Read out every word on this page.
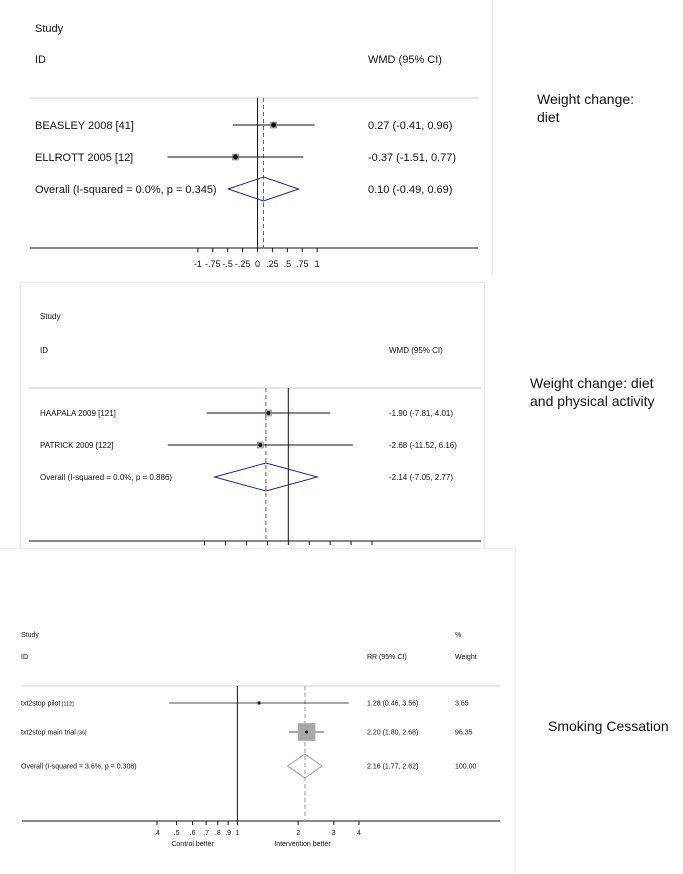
Study
ID	WMD (95% CI)
BEASLEY 2008 [41]	0.27 (-0.41, 0.96)
ELLROTT 2005 [12]	-0.37 (-1.51, 0.77)
Overall (I-squared = 0.0%, p = 0.345)	0.10 (-0.49, 0.69)
-1 -.75 -.5 -.25 0 .25 .5 .75 1
Weight change:
diet
Study
ID	WMD (95% CI)
HAAPALA 2009 [121]	-1.90 (-7.81, 4.01)
PATRICK 2009 [122]	-2.68 (-11.52, 6.16)
Overall (I-squared = 0.0%, p = 0.886)	-2.14 (-7.05, 2.77)
Weight change: diet
and physical activity
Study
ID	RR (95% CI)
%
Weight
txt2stop pilot [112]	1.28 (0.46, 3.56)	3.65
txt2stop main trial [36]	2.20 (1.80, 2.68)	96.35
Overall (I-squared = 3.6%, p = 0.308)	2.16 (1.77, 2.62)	100.00
.4 .5 .6 .7 .8 .9 1	2	3	4
Control better	Intervention better
Smoking Cessation
